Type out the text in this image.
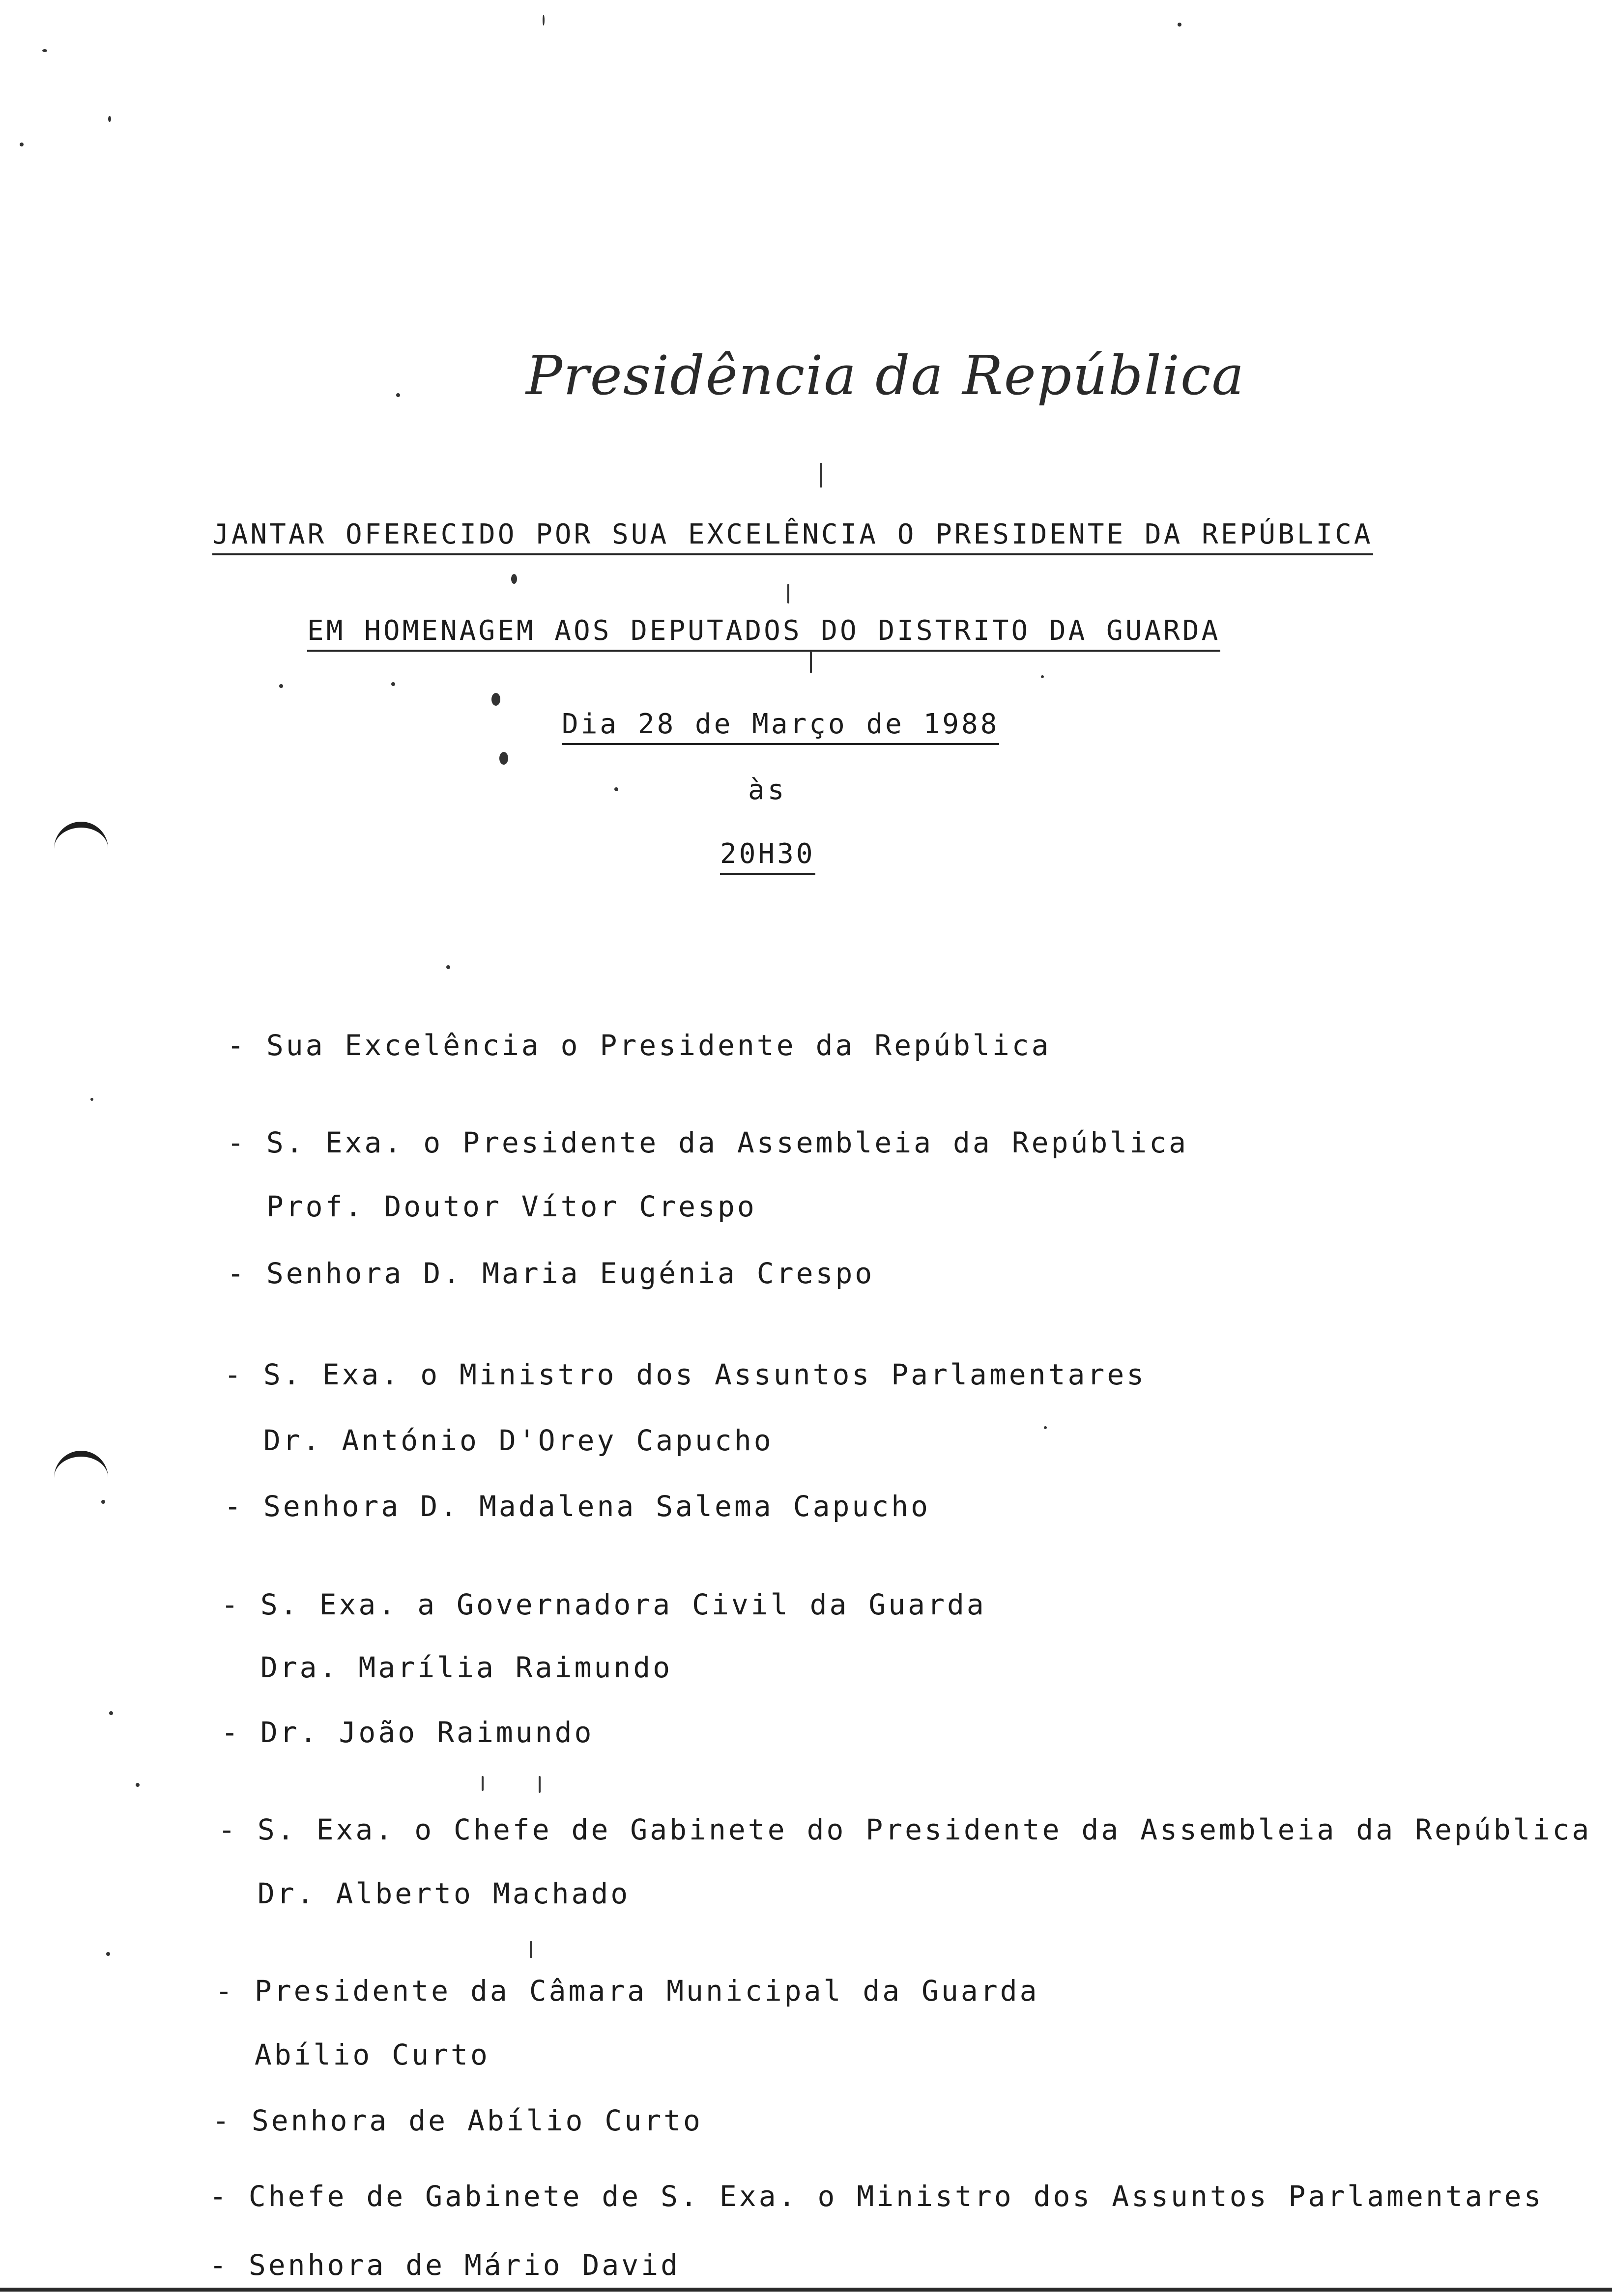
Presidência da República
JANTAR OFERECIDO POR SUA EXCELÊNCIA O PRESIDENTE DA REPÚBLICA
EM HOMENAGEM AOS DEPUTADOS DO DISTRITO DA GUARDA
Dia 28 de Março de 1988
às
20H30
- Sua Excelência o Presidente da República
- S. Exa. o Presidente da Assembleia da República
Prof. Doutor Vítor Crespo
- Senhora D. Maria Eugénia Crespo
- S. Exa. o Ministro dos Assuntos Parlamentares
Dr. António D'Orey Capucho
- Senhora D. Madalena Salema Capucho
- S. Exa. a Governadora Civil da Guarda
Dra. Marília Raimundo
- Dr. João Raimundo
- S. Exa. o Chefe de Gabinete do Presidente da Assembleia da República
Dr. Alberto Machado
- Presidente da Câmara Municipal da Guarda
Abílio Curto
- Senhora de Abílio Curto
- Chefe de Gabinete de S. Exa. o Ministro dos Assuntos Parlamentares
- Senhora de Mário David
